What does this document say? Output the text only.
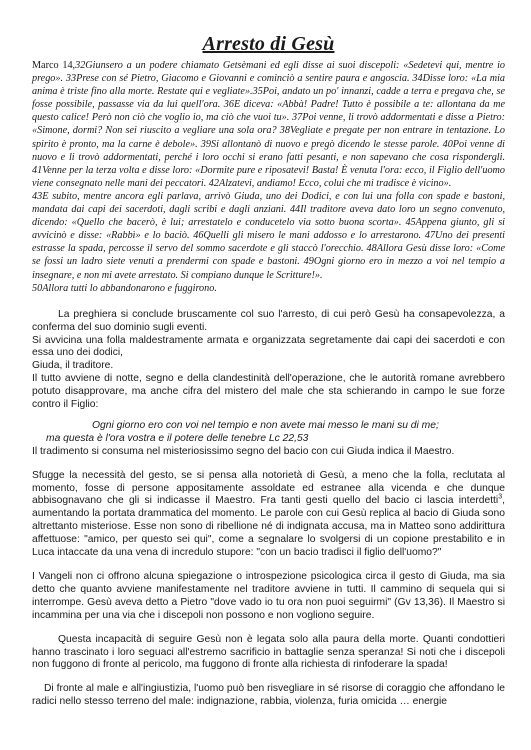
Arresto di Gesù

Marco 14,32Giunsero a un podere chiamato Getsèmani ed egli disse ai suoi discepoli: «Sedetevi qui, mentre io prego». 33Prese con sé Pietro, Giacomo e Giovanni e cominciò a sentire paura e angoscia. 34Disse loro: «La mia anima è triste fino alla morte. Restate qui e vegliate».35Poi, andato un po' innanzi, cadde a terra e pregava che, se fosse possibile, passasse via da lui quell'ora. 36E diceva: «Abbà! Padre! Tutto è possibile a te: allontana da me questo calice! Però non ciò che voglio io, ma ciò che vuoi tu». 37Poi venne, li trovò addormentati e disse a Pietro: «Simone, dormi? Non sei riuscito a vegliare una sola ora? 38Vegliate e pregate per non entrare in tentazione. Lo spirito è pronto, ma la carne è debole». 39Si allontanò di nuovo e pregò dicendo le stesse parole. 40Poi venne di nuovo e li trovò addormentati, perché i loro occhi si erano fatti pesanti, e non sapevano che cosa rispondergli. 41Venne per la terza volta e disse loro: «Dormite pure e riposatevi! Basta! È venuta l'ora: ecco, il Figlio dell'uomo viene consegnato nelle mani dei peccatori. 42Alzatevi, andiamo! Ecco, colui che mi tradisce è vicino».

43E subito, mentre ancora egli parlava, arrivò Giuda, uno dei Dodici, e con lui una folla con spade e bastoni, mandata dai capi dei sacerdoti, dagli scribi e dagli anziani. 44Il traditore aveva dato loro un segno convenuto, dicendo: «Quello che bacerò, è lui; arrestatelo e conducetelo via sotto buona scorta». 45Appena giunto, gli si avvicinò e disse: «Rabbì» e lo baciò. 46Quelli gli misero le mani addosso e lo arrestarono. 47Uno dei presenti estrasse la spada, percosse il servo del sommo sacerdote e gli staccò l'orecchio. 48Allora Gesù disse loro: «Come se fossi un ladro siete venuti a prendermi con spade e bastoni. 49Ogni giorno ero in mezzo a voi nel tempio a insegnare, e non mi avete arrestato. Si compiano dunque le Scritture!».

50Allora tutti lo abbandonarono e fuggirono.

La preghiera si conclude bruscamente col suo l'arresto, di cui però Gesù ha consapevolezza, a conferma del suo dominio sugli eventi.

Si avvicina una folla maldestramente armata e organizzata segretamente dai capi dei sacerdoti e con essa uno dei dodici,

Giuda, il traditore.

Il tutto avviene di notte, segno e della clandestinità dell'operazione, che le autorità romane avrebbero potuto disapprovare, ma anche cifra del mistero del male che sta schierando in campo le sue forze contro il Figlio:

Ogni giorno ero con voi nel tempio e non avete mai messo le mani su di me;
ma questa è l'ora vostra e il potere delle tenebre Lc 22,53

Il tradimento si consuma nel misteriosissimo segno del bacio con cui Giuda indica il Maestro.

Sfugge la necessità del gesto, se si pensa alla notorietà di Gesù, a meno che la folla, reclutata al momento, fosse di persone appositamente assoldate ed estranee alla vicenda e che dunque abbisognavano che gli si indicasse il Maestro. Fra tanti gesti quello del bacio ci lascia interdetti$^3$, aumentando la portata drammatica del momento. Le parole con cui Gesù replica al bacio di Giuda sono altrettanto misteriose. Esse non sono di ribellione né di indignata accusa, ma in Matteo sono addirittura affettuose: "amico, per questo sei qui", come a segnalare lo svolgersi di un copione prestabilito e in Luca intaccate da una vena di incredulo stupore: "con un bacio tradisci il figlio dell'uomo?"

I Vangeli non ci offrono alcuna spiegazione o introspezione psicologica circa il gesto di Giuda, ma sia detto che quanto avviene manifestamente nel traditore avviene in tutti. Il cammino di sequela qui si interrompe. Gesù aveva detto a Pietro "dove vado io tu ora non puoi seguirmi" (Gv 13,36). Il Maestro si incammina per una via che i discepoli non possono e non vogliono seguire.

Questa incapacità di seguire Gesù non è legata solo alla paura della morte. Quanti condottieri hanno trascinato i loro seguaci all'estremo sacrificio in battaglie senza speranza! Si noti che i discepoli non fuggono di fronte al pericolo, ma fuggono di fronte alla richiesta di rinfoderare la spada!

Di fronte al male e all'ingiustizia, l'uomo può ben risvegliare in sé risorse di coraggio che affondano le radici nello stesso terreno del male: indignazione, rabbia, violenza, furia omicida … energie
